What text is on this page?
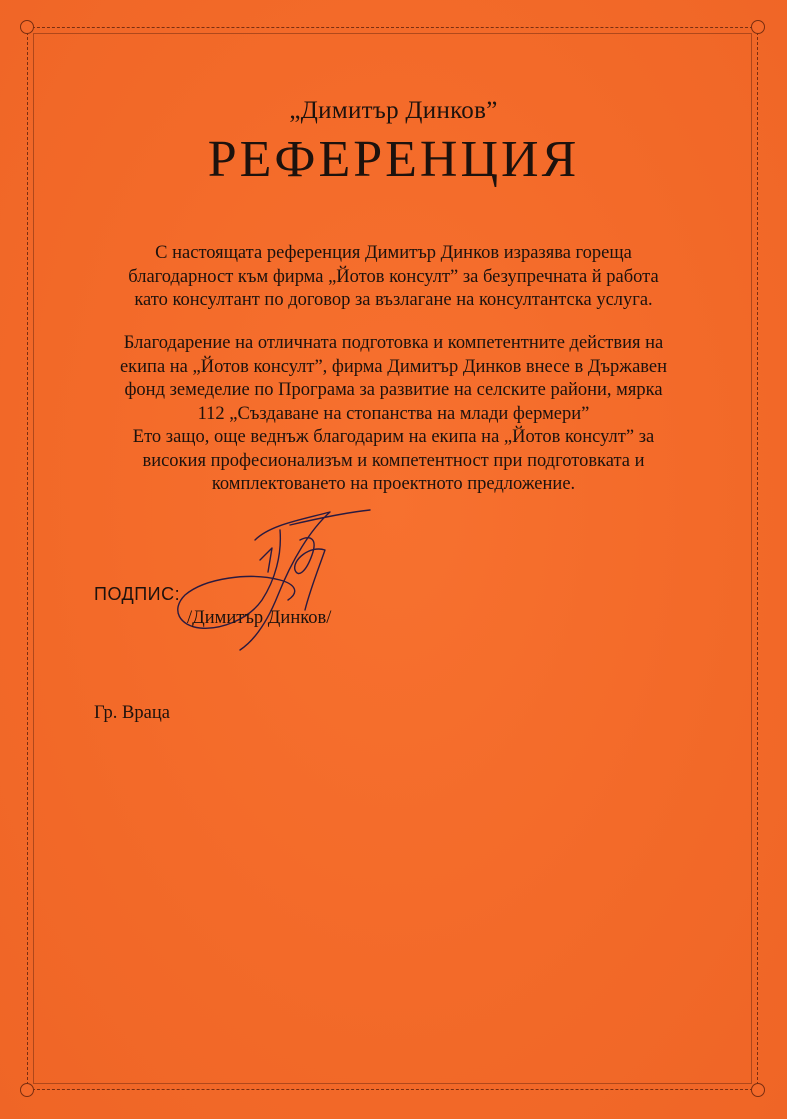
„Димитър Динков”
РЕФЕРЕНЦИЯ
С настоящата референция Димитър Динков изразява гореща
благодарност към фирма „Йотов консулт” за безупречната й работа
като консултант по договор за възлагане на консултантска услуга.
Благодарение на отличната подготовка и компетентните действия на
екипа на „Йотов консулт”, фирма Димитър Динков внесе в Държавен
фонд земеделие по Програма за развитие на селските райони, мярка
112 „Създаване на стопанства на млади фермери”
Ето защо, още веднъж благодарим на екипа на „Йотов консулт” за
високия професионализъм и компетентност при подготовката и
комплектоването на проектното предложение.
ПОДПИС:
/Димитър Динков/
Гр. Враца
